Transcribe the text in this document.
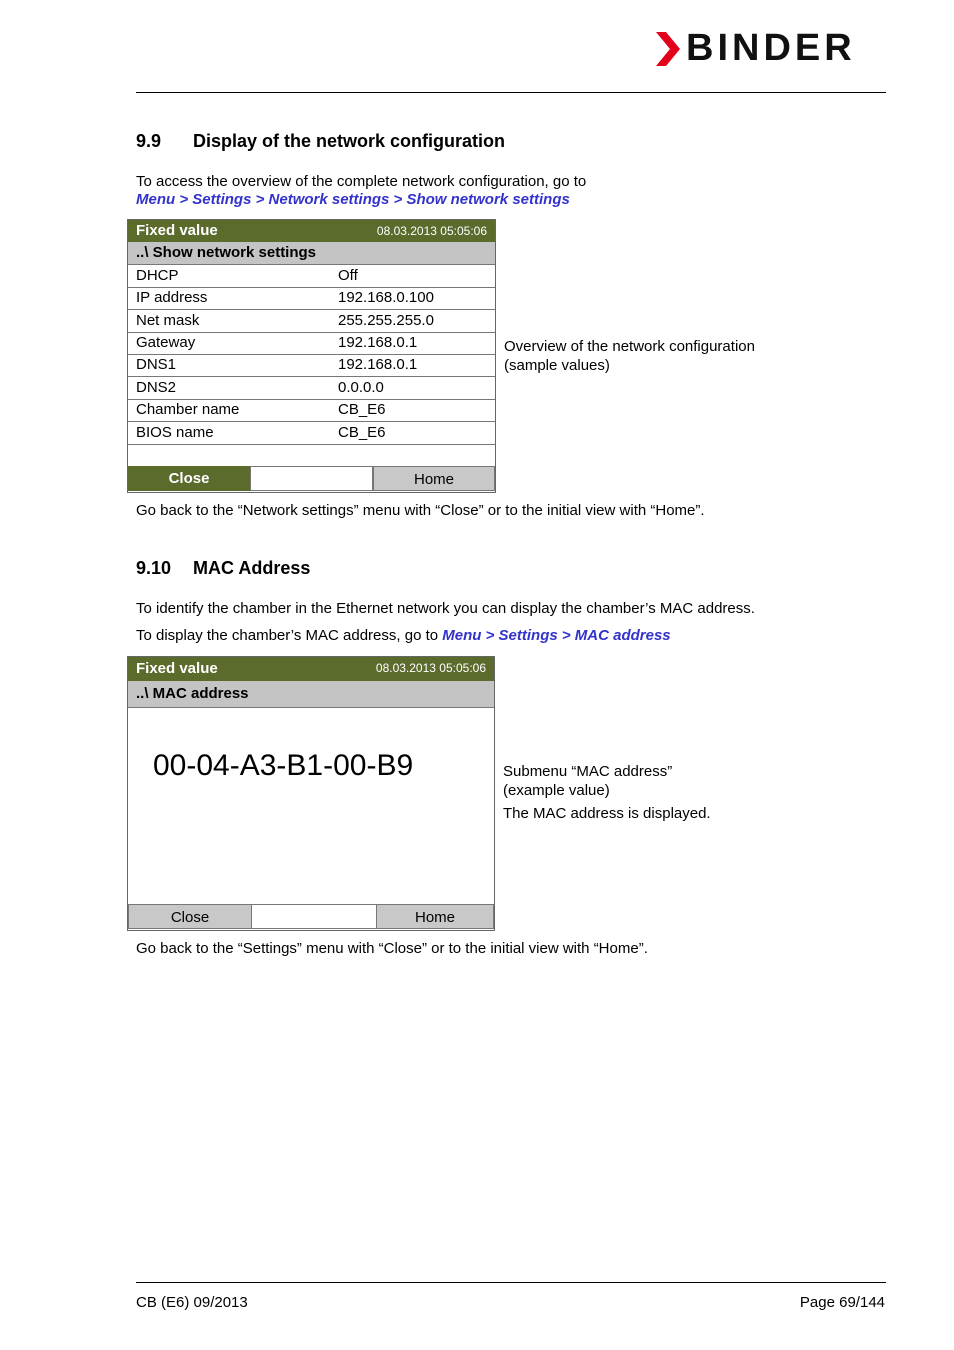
BINDER
9.9 Display of the network configuration
To access the overview of the complete network configuration, go to
Menu > Settings > Network settings > Show network settings
Fixed value	08.03.2013 05:05:06
..\ Show network settings
DHCP	Off
IP address	192.168.0.100
Net mask	255.255.255.0
Gateway	192.168.0.1
DNS1	192.168.0.1
DNS2	0.0.0.0
Chamber name	CB_E6
BIOS name	CB_E6
Close	Home
Overview of the network configuration
(sample values)
Go back to the “Network settings” menu with “Close” or to the initial view with “Home”.
9.10 MAC Address
To identify the chamber in the Ethernet network you can display the chamber’s MAC address.
To display the chamber’s MAC address, go to Menu > Settings > MAC address
Fixed value	08.03.2013 05:05:06
..\ MAC address
00-04-A3-B1-00-B9
Close	Home
Submenu “MAC address”
(example value)
The MAC address is displayed.
Go back to the “Settings” menu with “Close” or to the initial view with “Home”.
CB (E6) 09/2013	Page 69/144
